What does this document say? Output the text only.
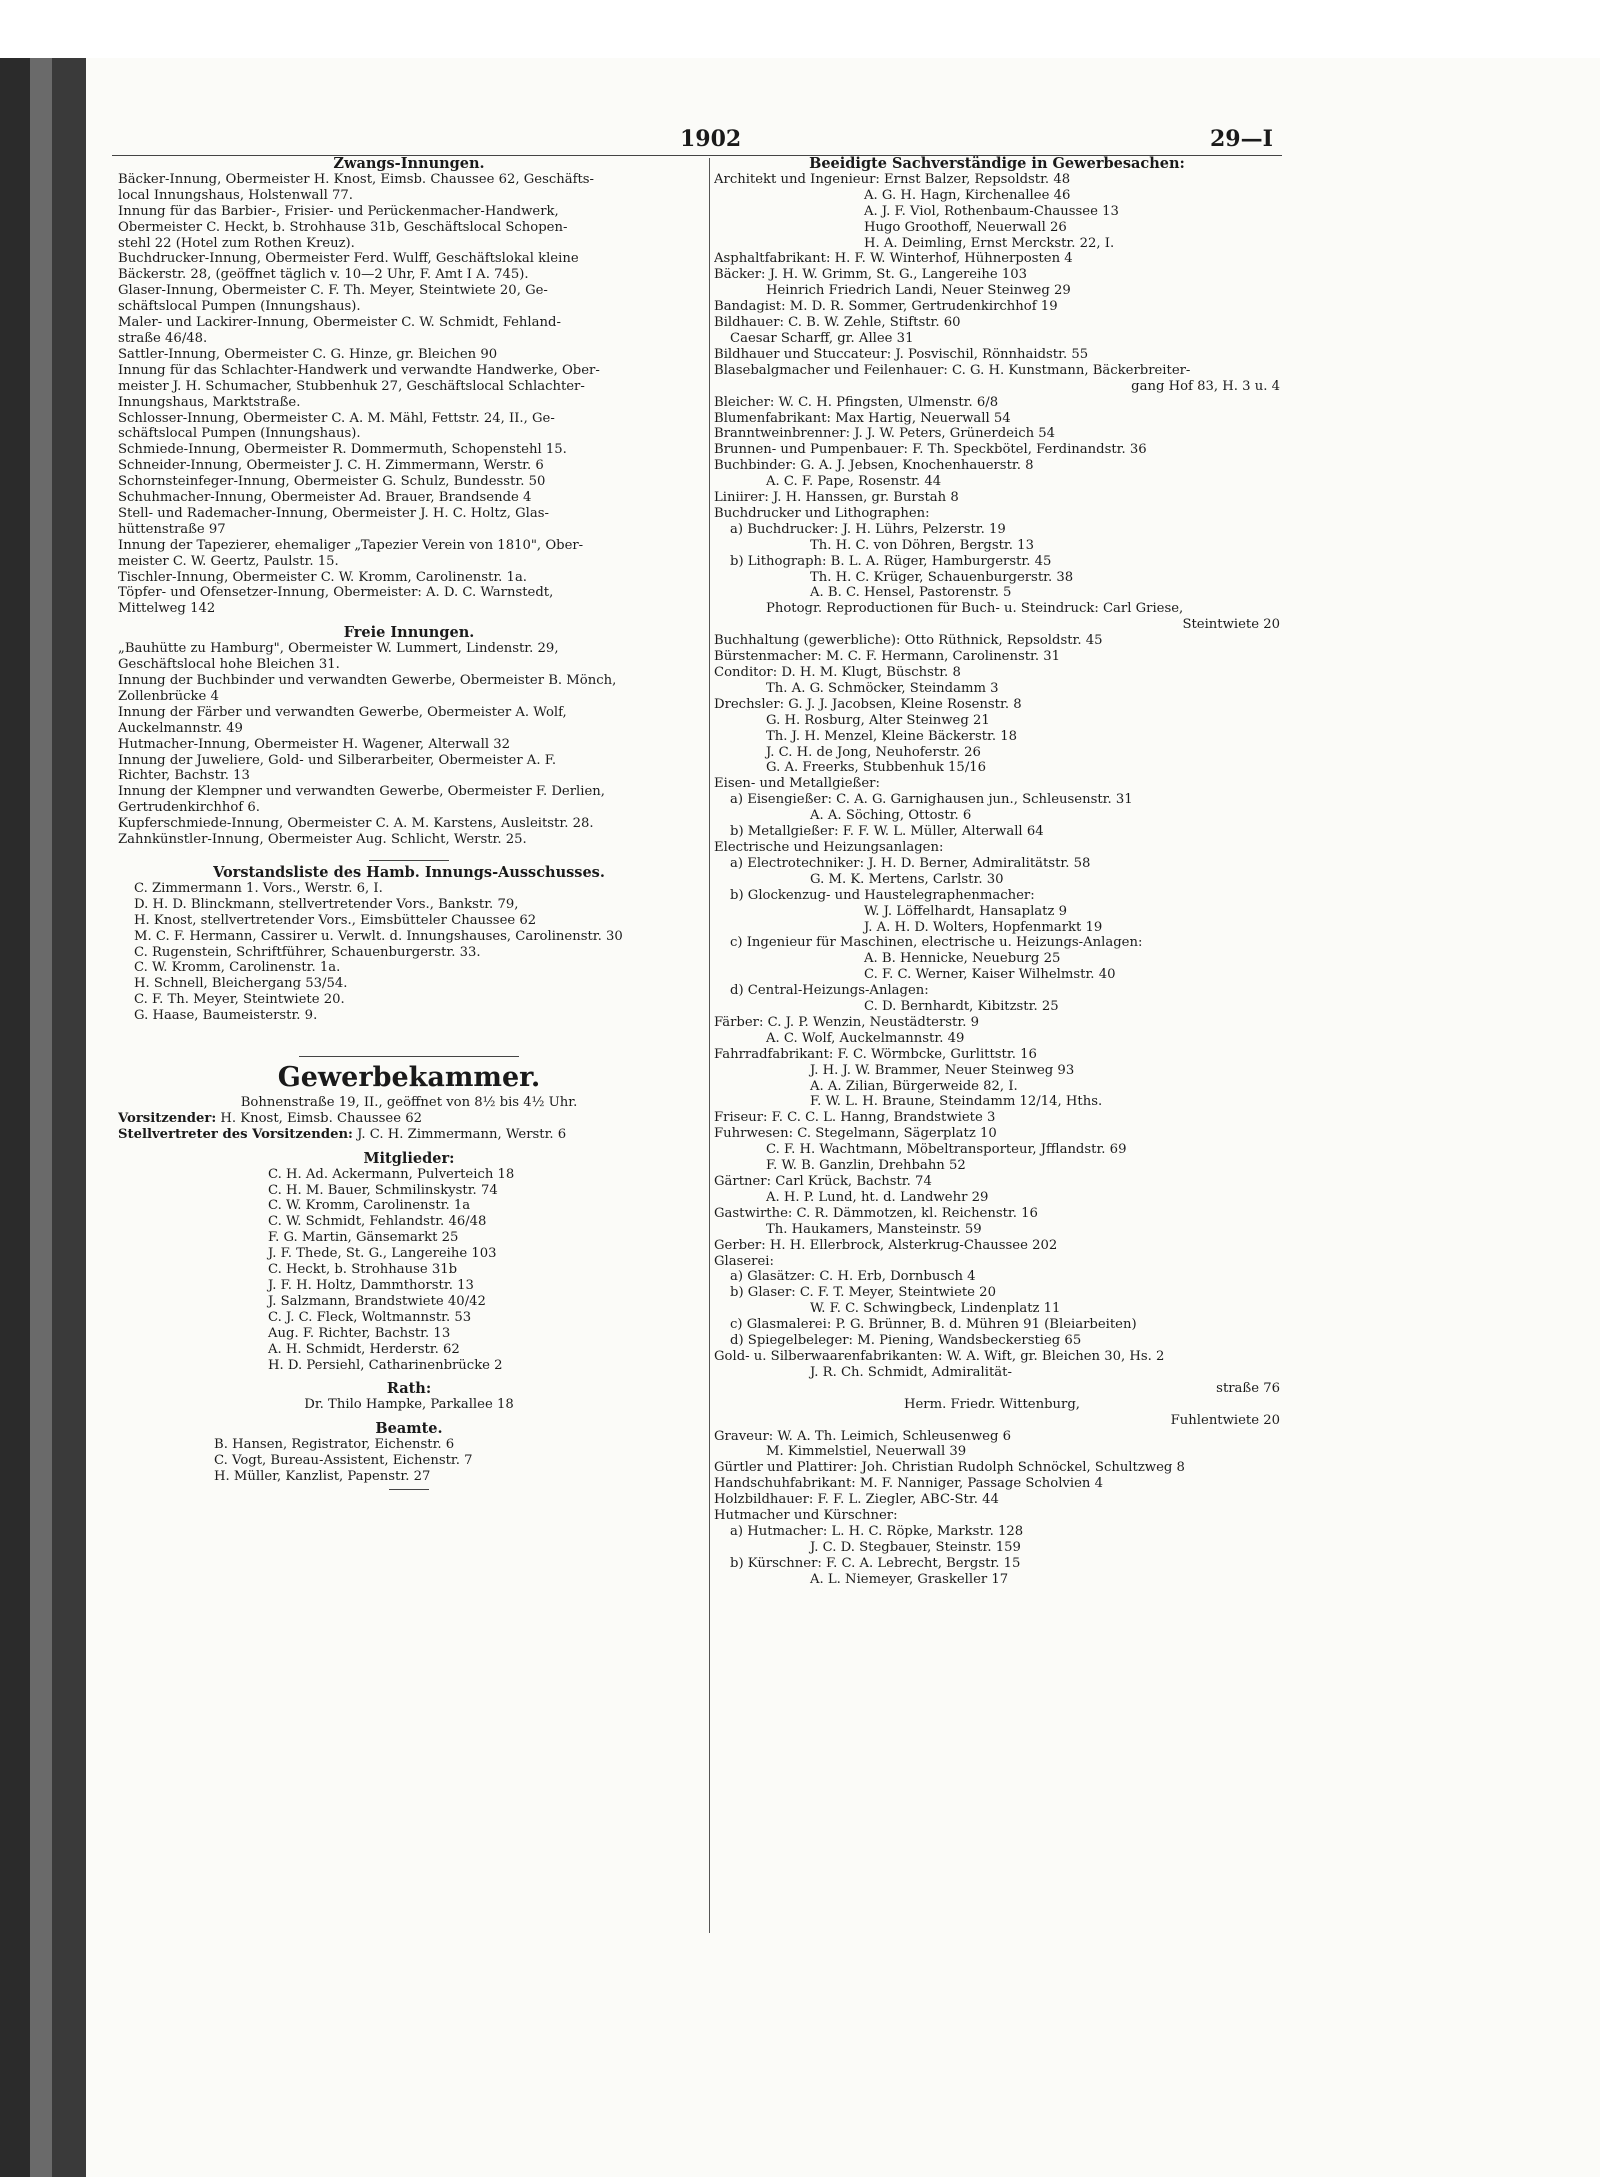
1902	29—I

Zwangs-Innungen.

Bäcker-Innung, Obermeister H. Knost, Eimsb. Chaussee 62, Geschäfts-

local Innungshaus, Holstenwall 77.

Innung für das Barbier-, Frisier- und Perückenmacher-Handwerk,

Obermeister C. Heckt, b. Strohhause 31b, Geschäftslocal Schopen-

stehl 22 (Hotel zum Rothen Kreuz).

Buchdrucker-Innung, Obermeister Ferd. Wulff, Geschäftslokal kleine

Bäckerstr. 28, (geöffnet täglich v. 10—2 Uhr, F. Amt I A. 745).

Glaser-Innung, Obermeister C. F. Th. Meyer, Steintwiete 20, Ge-

schäftslocal Pumpen (Innungshaus).

Maler- und Lackirer-Innung, Obermeister C. W. Schmidt, Fehland-

straße 46/48.

Sattler-Innung, Obermeister C. G. Hinze, gr. Bleichen 90

Innung für das Schlachter-Handwerk und verwandte Handwerke, Ober-

meister J. H. Schumacher, Stubbenhuk 27, Geschäftslocal Schlachter-

Innungshaus, Marktstraße.

Schlosser-Innung, Obermeister C. A. M. Mähl, Fettstr. 24, II., Ge-

schäftslocal Pumpen (Innungshaus).

Schmiede-Innung, Obermeister R. Dommermuth, Schopenstehl 15.

Schneider-Innung, Obermeister J. C. H. Zimmermann, Werstr. 6

Schornsteinfeger-Innung, Obermeister G. Schulz, Bundesstr. 50

Schuhmacher-Innung, Obermeister Ad. Brauer, Brandsende 4

Stell- und Rademacher-Innung, Obermeister J. H. C. Holtz, Glas-

hüttenstraße 97

Innung der Tapezierer, ehemaliger „Tapezier Verein von 1810", Ober-

meister C. W. Geertz, Paulstr. 15.

Tischler-Innung, Obermeister C. W. Kromm, Carolinenstr. 1a.

Töpfer- und Ofensetzer-Innung, Obermeister: A. D. C. Warnstedt,

Mittelweg 142

Freie Innungen.

„Bauhütte zu Hamburg", Obermeister W. Lummert, Lindenstr. 29,

Geschäftslocal hohe Bleichen 31.

Innung der Buchbinder und verwandten Gewerbe, Obermeister B. Mönch,

Zollenbrücke 4

Innung der Färber und verwandten Gewerbe, Obermeister A. Wolf,

Auckelmannstr. 49

Hutmacher-Innung, Obermeister H. Wagener, Alterwall 32

Innung der Juweliere, Gold- und Silberarbeiter, Obermeister A. F.

Richter, Bachstr. 13

Innung der Klempner und verwandten Gewerbe, Obermeister F. Derlien,

Gertrudenkirchhof 6.

Kupferschmiede-Innung, Obermeister C. A. M. Karstens, Ausleitstr. 28.

Zahnkünstler-Innung, Obermeister Aug. Schlicht, Werstr. 25.

Vorstandsliste des Hamb. Innungs-Ausschusses.

C. Zimmermann 1. Vors., Werstr. 6, I.

D. H. D. Blinckmann, stellvertretender Vors., Bankstr. 79,

H. Knost, stellvertretender Vors., Eimsbütteler Chaussee 62

M. C. F. Hermann, Cassirer u. Verwlt. d. Innungshauses, Carolinenstr. 30

C. Rugenstein, Schriftführer, Schauenburgerstr. 33.

C. W. Kromm, Carolinenstr. 1a.

H. Schnell, Bleichergang 53/54.

C. F. Th. Meyer, Steintwiete 20.

G. Haase, Baumeisterstr. 9.

Gewerbekammer.

Bohnenstraße 19, II., geöffnet von 8½ bis 4½ Uhr.

Vorsitzender: H. Knost, Eimsb. Chaussee 62

Stellvertreter des Vorsitzenden: J. C. H. Zimmermann, Werstr. 6

Mitglieder:

C. H. Ad. Ackermann, Pulverteich 18

C. H. M. Bauer, Schmilinskystr. 74

C. W. Kromm, Carolinenstr. 1a

C. W. Schmidt, Fehlandstr. 46/48

F. G. Martin, Gänsemarkt 25

J. F. Thede, St. G., Langereihe 103

C. Heckt, b. Strohhause 31b

J. F. H. Holtz, Dammthorstr. 13

J. Salzmann, Brandstwiete 40/42

C. J. C. Fleck, Woltmannstr. 53

Aug. F. Richter, Bachstr. 13

A. H. Schmidt, Herderstr. 62

H. D. Persiehl, Catharinenbrücke 2

Rath:

Dr. Thilo Hampke, Parkallee 18

Beamte.

B. Hansen, Registrator, Eichenstr. 6

C. Vogt, Bureau-Assistent, Eichenstr. 7

H. Müller, Kanzlist, Papenstr. 27

Beeidigte Sachverständige in Gewerbesachen:

Architekt und Ingenieur: Ernst Balzer, Repsoldstr. 48

A. G. H. Hagn, Kirchenallee 46

A. J. F. Viol, Rothenbaum-Chaussee 13

Hugo Groothoff, Neuerwall 26

H. A. Deimling, Ernst Merckstr. 22, I.

Asphaltfabrikant: H. F. W. Winterhof, Hühnerposten 4

Bäcker: J. H. W. Grimm, St. G., Langereihe 103

Heinrich Friedrich Landi, Neuer Steinweg 29

Bandagist: M. D. R. Sommer, Gertrudenkirchhof 19

Bildhauer: C. B. W. Zehle, Stiftstr. 60

Caesar Scharff, gr. Allee 31

Bildhauer und Stuccateur: J. Posvischil, Rönnhaidstr. 55

Blasebalgmacher und Feilenhauer: C. G. H. Kunstmann, Bäckerbreiter-

gang Hof 83, H. 3 u. 4

Bleicher: W. C. H. Pfingsten, Ulmenstr. 6/8

Blumenfabrikant: Max Hartig, Neuerwall 54

Branntweinbrenner: J. J. W. Peters, Grünerdeich 54

Brunnen- und Pumpenbauer: F. Th. Speckbötel, Ferdinandstr. 36

Buchbinder: G. A. J. Jebsen, Knochenhauerstr. 8

A. C. F. Pape, Rosenstr. 44

Liniirer: J. H. Hanssen, gr. Burstah 8

Buchdrucker und Lithographen:

a) Buchdrucker: J. H. Lührs, Pelzerstr. 19

Th. H. C. von Döhren, Bergstr. 13

b) Lithograph: B. L. A. Rüger, Hamburgerstr. 45

Th. H. C. Krüger, Schauenburgerstr. 38

A. B. C. Hensel, Pastorenstr. 5

Photogr. Reproductionen für Buch- u. Steindruck: Carl Griese,

Steintwiete 20

Buchhaltung (gewerbliche): Otto Rüthnick, Repsoldstr. 45

Bürstenmacher: M. C. F. Hermann, Carolinenstr. 31

Conditor: D. H. M. Klugt, Büschstr. 8

Th. A. G. Schmöcker, Steindamm 3

Drechsler: G. J. J. Jacobsen, Kleine Rosenstr. 8

G. H. Rosburg, Alter Steinweg 21

Th. J. H. Menzel, Kleine Bäckerstr. 18

J. C. H. de Jong, Neuhoferstr. 26

G. A. Freerks, Stubbenhuk 15/16

Eisen- und Metallgießer:

a) Eisengießer: C. A. G. Garnighausen jun., Schleusenstr. 31

A. A. Söching, Ottostr. 6

b) Metallgießer: F. F. W. L. Müller, Alterwall 64

Electrische und Heizungsanlagen:

a) Electrotechniker: J. H. D. Berner, Admiralitätstr. 58

G. M. K. Mertens, Carlstr. 30

b) Glockenzug- und Haustelegraphenmacher:

W. J. Löffelhardt, Hansaplatz 9

J. A. H. D. Wolters, Hopfenmarkt 19

c) Ingenieur für Maschinen, electrische u. Heizungs-Anlagen:

A. B. Hennicke, Neueburg 25

C. F. C. Werner, Kaiser Wilhelmstr. 40

d) Central-Heizungs-Anlagen:

C. D. Bernhardt, Kibitzstr. 25

Färber: C. J. P. Wenzin, Neustädterstr. 9

A. C. Wolf, Auckelmannstr. 49

Fahrradfabrikant: F. C. Wörmbcke, Gurlittstr. 16

J. H. J. W. Brammer, Neuer Steinweg 93

A. A. Zilian, Bürgerweide 82, I.

F. W. L. H. Braune, Steindamm 12/14, Hths.

Friseur: F. C. C. L. Hanng, Brandstwiete 3

Fuhrwesen: C. Stegelmann, Sägerplatz 10

C. F. H. Wachtmann, Möbeltransporteur, Jfflandstr. 69

F. W. B. Ganzlin, Drehbahn 52

Gärtner: Carl Krück, Bachstr. 74

A. H. P. Lund, ht. d. Landwehr 29

Gastwirthe: C. R. Dämmotzen, kl. Reichenstr. 16

Th. Haukamers, Mansteinstr. 59

Gerber: H. H. Ellerbrock, Alsterkrug-Chaussee 202

Glaserei:

a) Glasätzer: C. H. Erb, Dornbusch 4

b) Glaser: C. F. T. Meyer, Steintwiete 20

W. F. C. Schwingbeck, Lindenplatz 11

c) Glasmalerei: P. G. Brünner, B. d. Mühren 91 (Bleiarbeiten)

d) Spiegelbeleger: M. Piening, Wandsbeckerstieg 65

Gold- u. Silberwaarenfabrikanten: W. A. Wift, gr. Bleichen 30, Hs. 2

J. R. Ch. Schmidt, Admiralität-

straße 76

Herm. Friedr. Wittenburg,

Fuhlentwiete 20

Graveur: W. A. Th. Leimich, Schleusenweg 6

M. Kimmelstiel, Neuerwall 39

Gürtler und Plattirer: Joh. Christian Rudolph Schnöckel, Schultzweg 8

Handschuhfabrikant: M. F. Nanniger, Passage Scholvien 4

Holzbildhauer: F. F. L. Ziegler, ABC-Str. 44

Hutmacher und Kürschner:

a) Hutmacher: L. H. C. Röpke, Markstr. 128

J. C. D. Stegbauer, Steinstr. 159

b) Kürschner: F. C. A. Lebrecht, Bergstr. 15

A. L. Niemeyer, Graskeller 17
